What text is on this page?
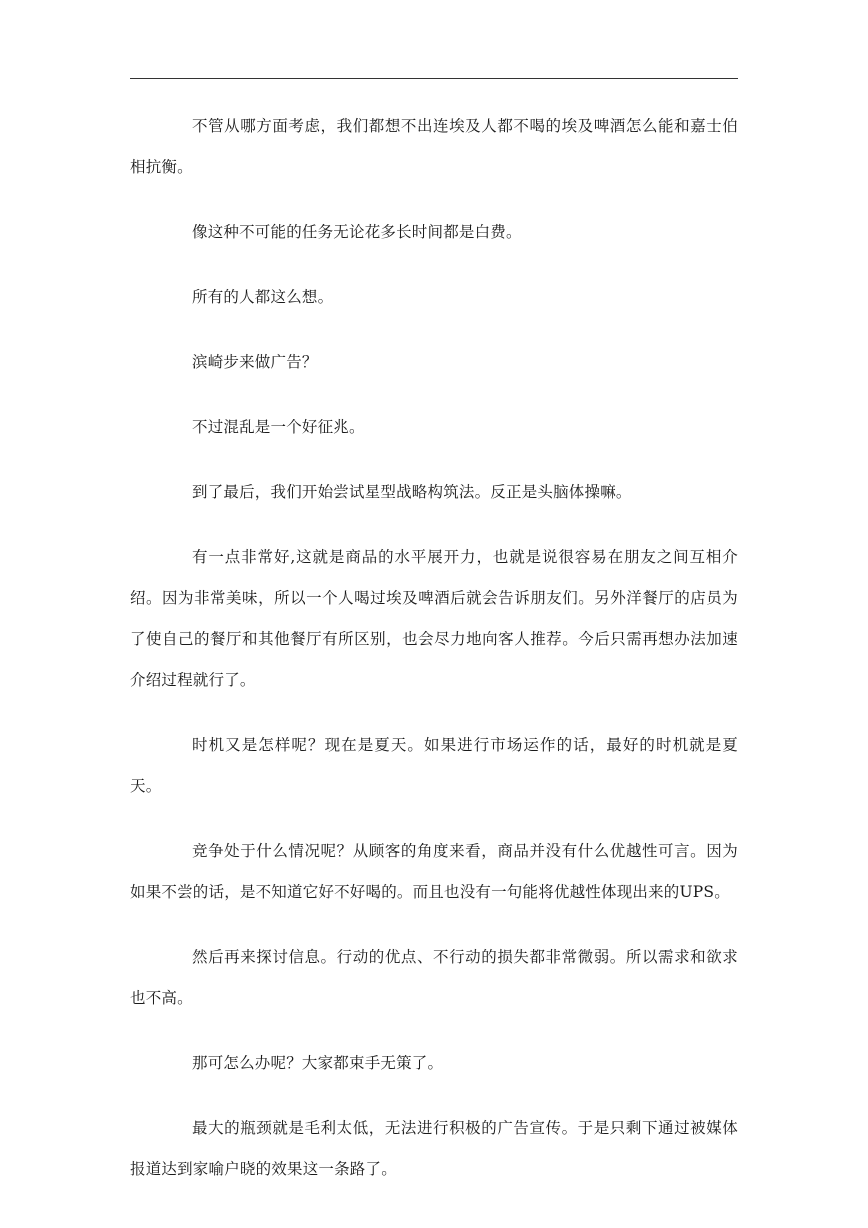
不管从哪方面考虑，我们都想不出连埃及人都不喝的埃及啤酒怎么能和嘉士伯相抗衡。

像这种不可能的任务无论花多长时间都是白费。

所有的人都这么想。

滨崎步来做广告？

不过混乱是一个好征兆。

到了最后，我们开始尝试星型战略构筑法。反正是头脑体操嘛。

有一点非常好,这就是商品的水平展开力，也就是说很容易在朋友之间互相介绍。因为非常美味，所以一个人喝过埃及啤酒后就会告诉朋友们。另外洋餐厅的店员为了使自己的餐厅和其他餐厅有所区别，也会尽力地向客人推荐。今后只需再想办法加速介绍过程就行了。

时机又是怎样呢？现在是夏天。如果进行市场运作的话，最好的时机就是夏天。

竞争处于什么情况呢？从顾客的角度来看，商品并没有什么优越性可言。因为如果不尝的话，是不知道它好不好喝的。而且也没有一句能将优越性体现出来的UPS。

然后再来探讨信息。行动的优点、不行动的损失都非常微弱。所以需求和欲求也不高。

那可怎么办呢？大家都束手无策了。

最大的瓶颈就是毛利太低，无法进行积极的广告宣传。于是只剩下通过被媒体报道达到家喻户晓的效果这一条路了。
